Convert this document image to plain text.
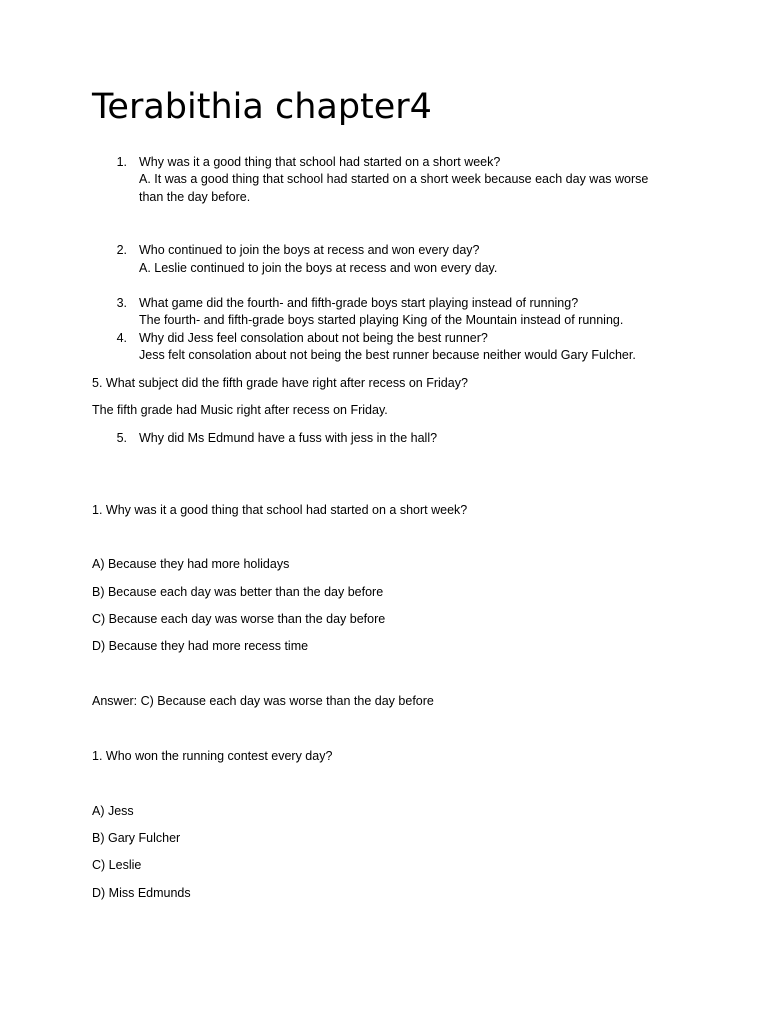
Terabithia chapter4
1. Why was it a good thing that school had started on a short week?
A. It was a good thing that school had started on a short week because each day was worse
than the day before.
2. Who continued to join the boys at recess and won every day?
A. Leslie continued to join the boys at recess and won every day.
3. What game did the fourth- and fifth-grade boys start playing instead of running?
The fourth- and fifth-grade boys started playing King of the Mountain instead of running.
4. Why did Jess feel consolation about not being the best runner?
Jess felt consolation about not being the best runner because neither would Gary Fulcher.
5. What subject did the fifth grade have right after recess on Friday?
The fifth grade had Music right after recess on Friday.
5. Why did Ms Edmund have a fuss with jess in the hall?
1. Why was it a good thing that school had started on a short week?
A) Because they had more holidays
B) Because each day was better than the day before
C) Because each day was worse than the day before
D) Because they had more recess time
Answer: C) Because each day was worse than the day before
1. Who won the running contest every day?
A) Jess
B) Gary Fulcher
C) Leslie
D) Miss Edmunds
